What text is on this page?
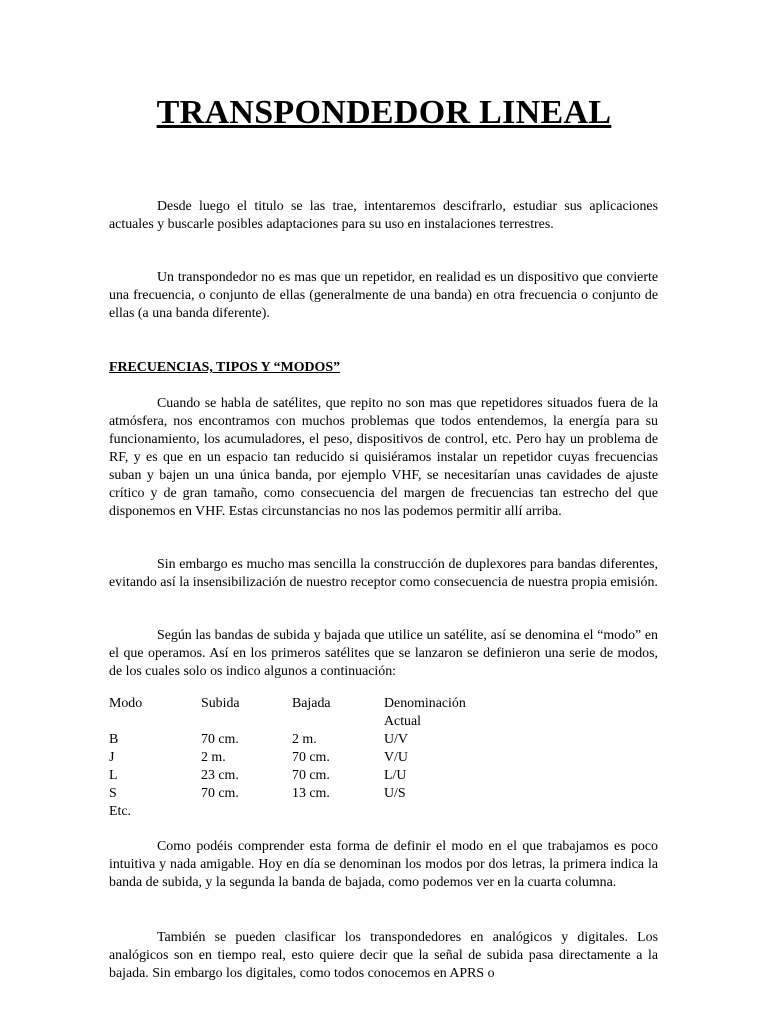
TRANSPONDEDOR LINEAL

Desde luego el titulo se las trae, intentaremos descifrarlo, estudiar sus aplicaciones actuales y buscarle posibles adaptaciones para su uso en instalaciones terrestres.

Un transpondedor no es mas que un repetidor, en realidad es un dispositivo que convierte una frecuencia, o conjunto de ellas (generalmente de una banda) en otra frecuencia o conjunto de ellas (a una banda diferente).

FRECUENCIAS, TIPOS Y “MODOS”

Cuando se habla de satélites, que repito no son mas que repetidores situados fuera de la atmósfera, nos encontramos con muchos problemas que todos entendemos, la energía para su funcionamiento, los acumuladores, el peso, dispositivos de control, etc. Pero hay un problema de RF, y es que en un espacio tan reducido si quisiéramos instalar un repetidor cuyas frecuencias suban y bajen un una única banda, por ejemplo VHF, se necesitarían unas cavidades de ajuste crítico y de gran tamaño, como consecuencia del margen de frecuencias tan estrecho del que disponemos en VHF. Estas circunstancias no nos las podemos permitir allí arriba.

Sin embargo es mucho mas sencilla la construcción de duplexores para bandas diferentes, evitando así la insensibilización de nuestro receptor como consecuencia de nuestra propia emisión.

Según las bandas de subida y bajada que utilice un satélite, así se denomina el “modo” en el que operamos. Así en los primeros satélites que se lanzaron se definieron una serie de modos, de los cuales solo os indico algunos a continuación:

Modo	Subida	Bajada	Denominación
Actual
B	70 cm.	2 m.	U/V
J	2 m.	70 cm.	V/U
L	23 cm.	70 cm.	L/U
S	70 cm.	13 cm.	U/S
Etc.

Como podéis comprender esta forma de definir el modo en el que trabajamos es poco intuitiva y nada amigable. Hoy en día se denominan los modos por dos letras, la primera indica la banda de subida, y la segunda la banda de bajada, como podemos ver en la cuarta columna.

También se pueden clasificar los transpondedores en analógicos y digitales. Los analógicos son en tiempo real, esto quiere decir que la señal de subida pasa directamente a la bajada. Sin embargo los digitales, como todos conocemos en APRS o
